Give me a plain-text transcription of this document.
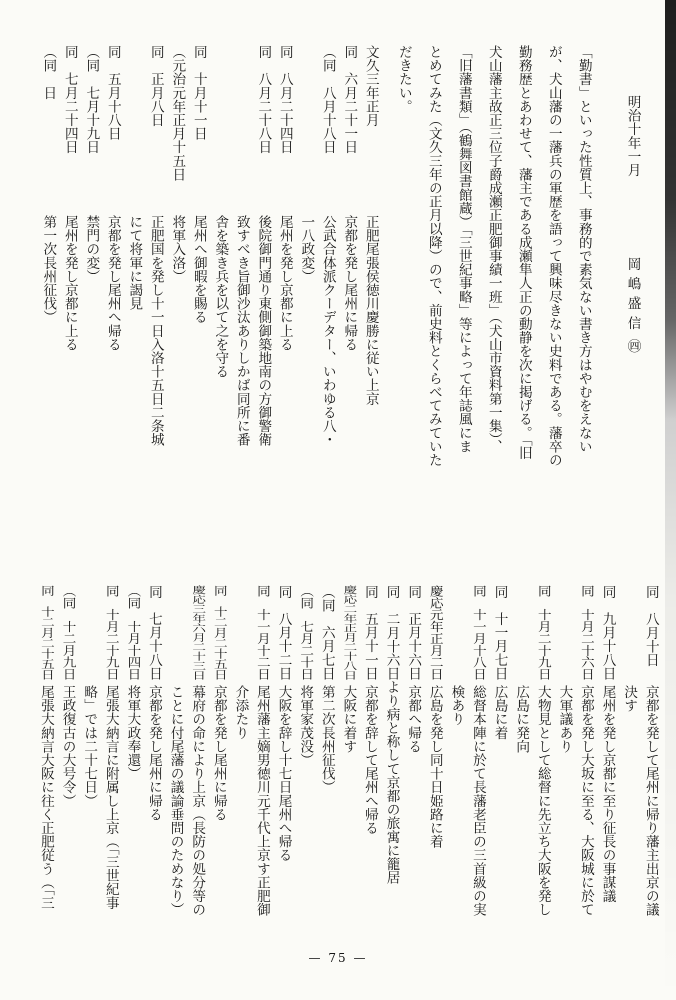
明治十年一月
岡嶋盛信
㊃
「勤書」といった性質上、事務的で素気ない書き方はやむをえない
が、犬山藩の一藩兵の軍歴を語って興味尽きない史料である。藩卒の
勤務歴とあわせて、藩主である成瀬隼人正の動静を次に掲げる。「旧
犬山藩主故正三位子爵成瀬正肥御事績一班」（犬山市資料第一集）、
「旧藩書類」（鶴舞図書館蔵）「三世紀事略」等によって年誌風にま
とめてみた（文久三年の正月以降）ので、前史料とくらべてみていた
だきたい。
文久三年正月
正肥尾張侯徳川慶勝に従い上京
同　六月二十一日
京都を発し尾州に帰る
（同　八月十八日
公武合体派クーデター、いわゆる八・
一八政変）
同　八月二十四日
尾州を発し京都に上る
同　八月二十八日
後院御門通り東側御築地南の方御警衛
致すべき旨御沙汰ありしかば同所に番
舎を築き兵を以て之を守る
同　十月十一日
尾州へ御暇を賜る
（元治元年正月十五日
将軍入洛）
同　正月八日
正肥国を発し十一日入洛十五日二条城
にて将軍に謁見
同　五月十八日
京都を発し尾州へ帰る
（同　七月十九日
禁門の変）
同　七月二十四日
尾州を発し京都に上る
（同　日
第一次長州征伐）
同　八月十日
京都を発して尾州に帰り藩主出京の議
決す
同　九月十八日
尾州を発し京都に至り征長の事謀議
同　十月二十六日
京都を発し大坂に至る、大阪城に於て
大軍議あり
同　十月二十九日
大物見として総督に先立ち大阪を発し
広島に発向
同　十一月七日
広島に着
同　十一月十八日
総督本陣に於て長藩老臣の三首級の実
検あり
慶応元年正月二日
広島を発し同十日姫路に着
同　正月十六日
京都へ帰る
同　二月十六日より病と称して京都の旅寓に籠居
同　五月十一日
京都を辞して尾州へ帰る
慶応二年正月二十八日
大阪に着す
（同　六月七日
第二次長州征伐）
（同　七月二十日
将軍家茂没）
同　八月十二日
大阪を辞し十七日尾州へ帰る
同　十一月十二日
尾州藩主嫡男徳川元千代上京す正肥御
介添たり
同　十二月二十五日
京都を発し尾州に帰る
慶応三年六月二十三日
幕府の命により上京（長防の処分等の
ことに付尾藩の議論垂問のためなり）
同　七月十八日
京都を発し尾州に帰る
（同　十月十四日
将軍大政奉還）
同　十月二十九日
尾張大納言に附属し上京（「三世紀事
略」では二十七日）
（同　十二月九日
王政復古の大号令）
同　十二月二十五日
尾張大納言大阪に往く正肥従う（「三
— 75 —
